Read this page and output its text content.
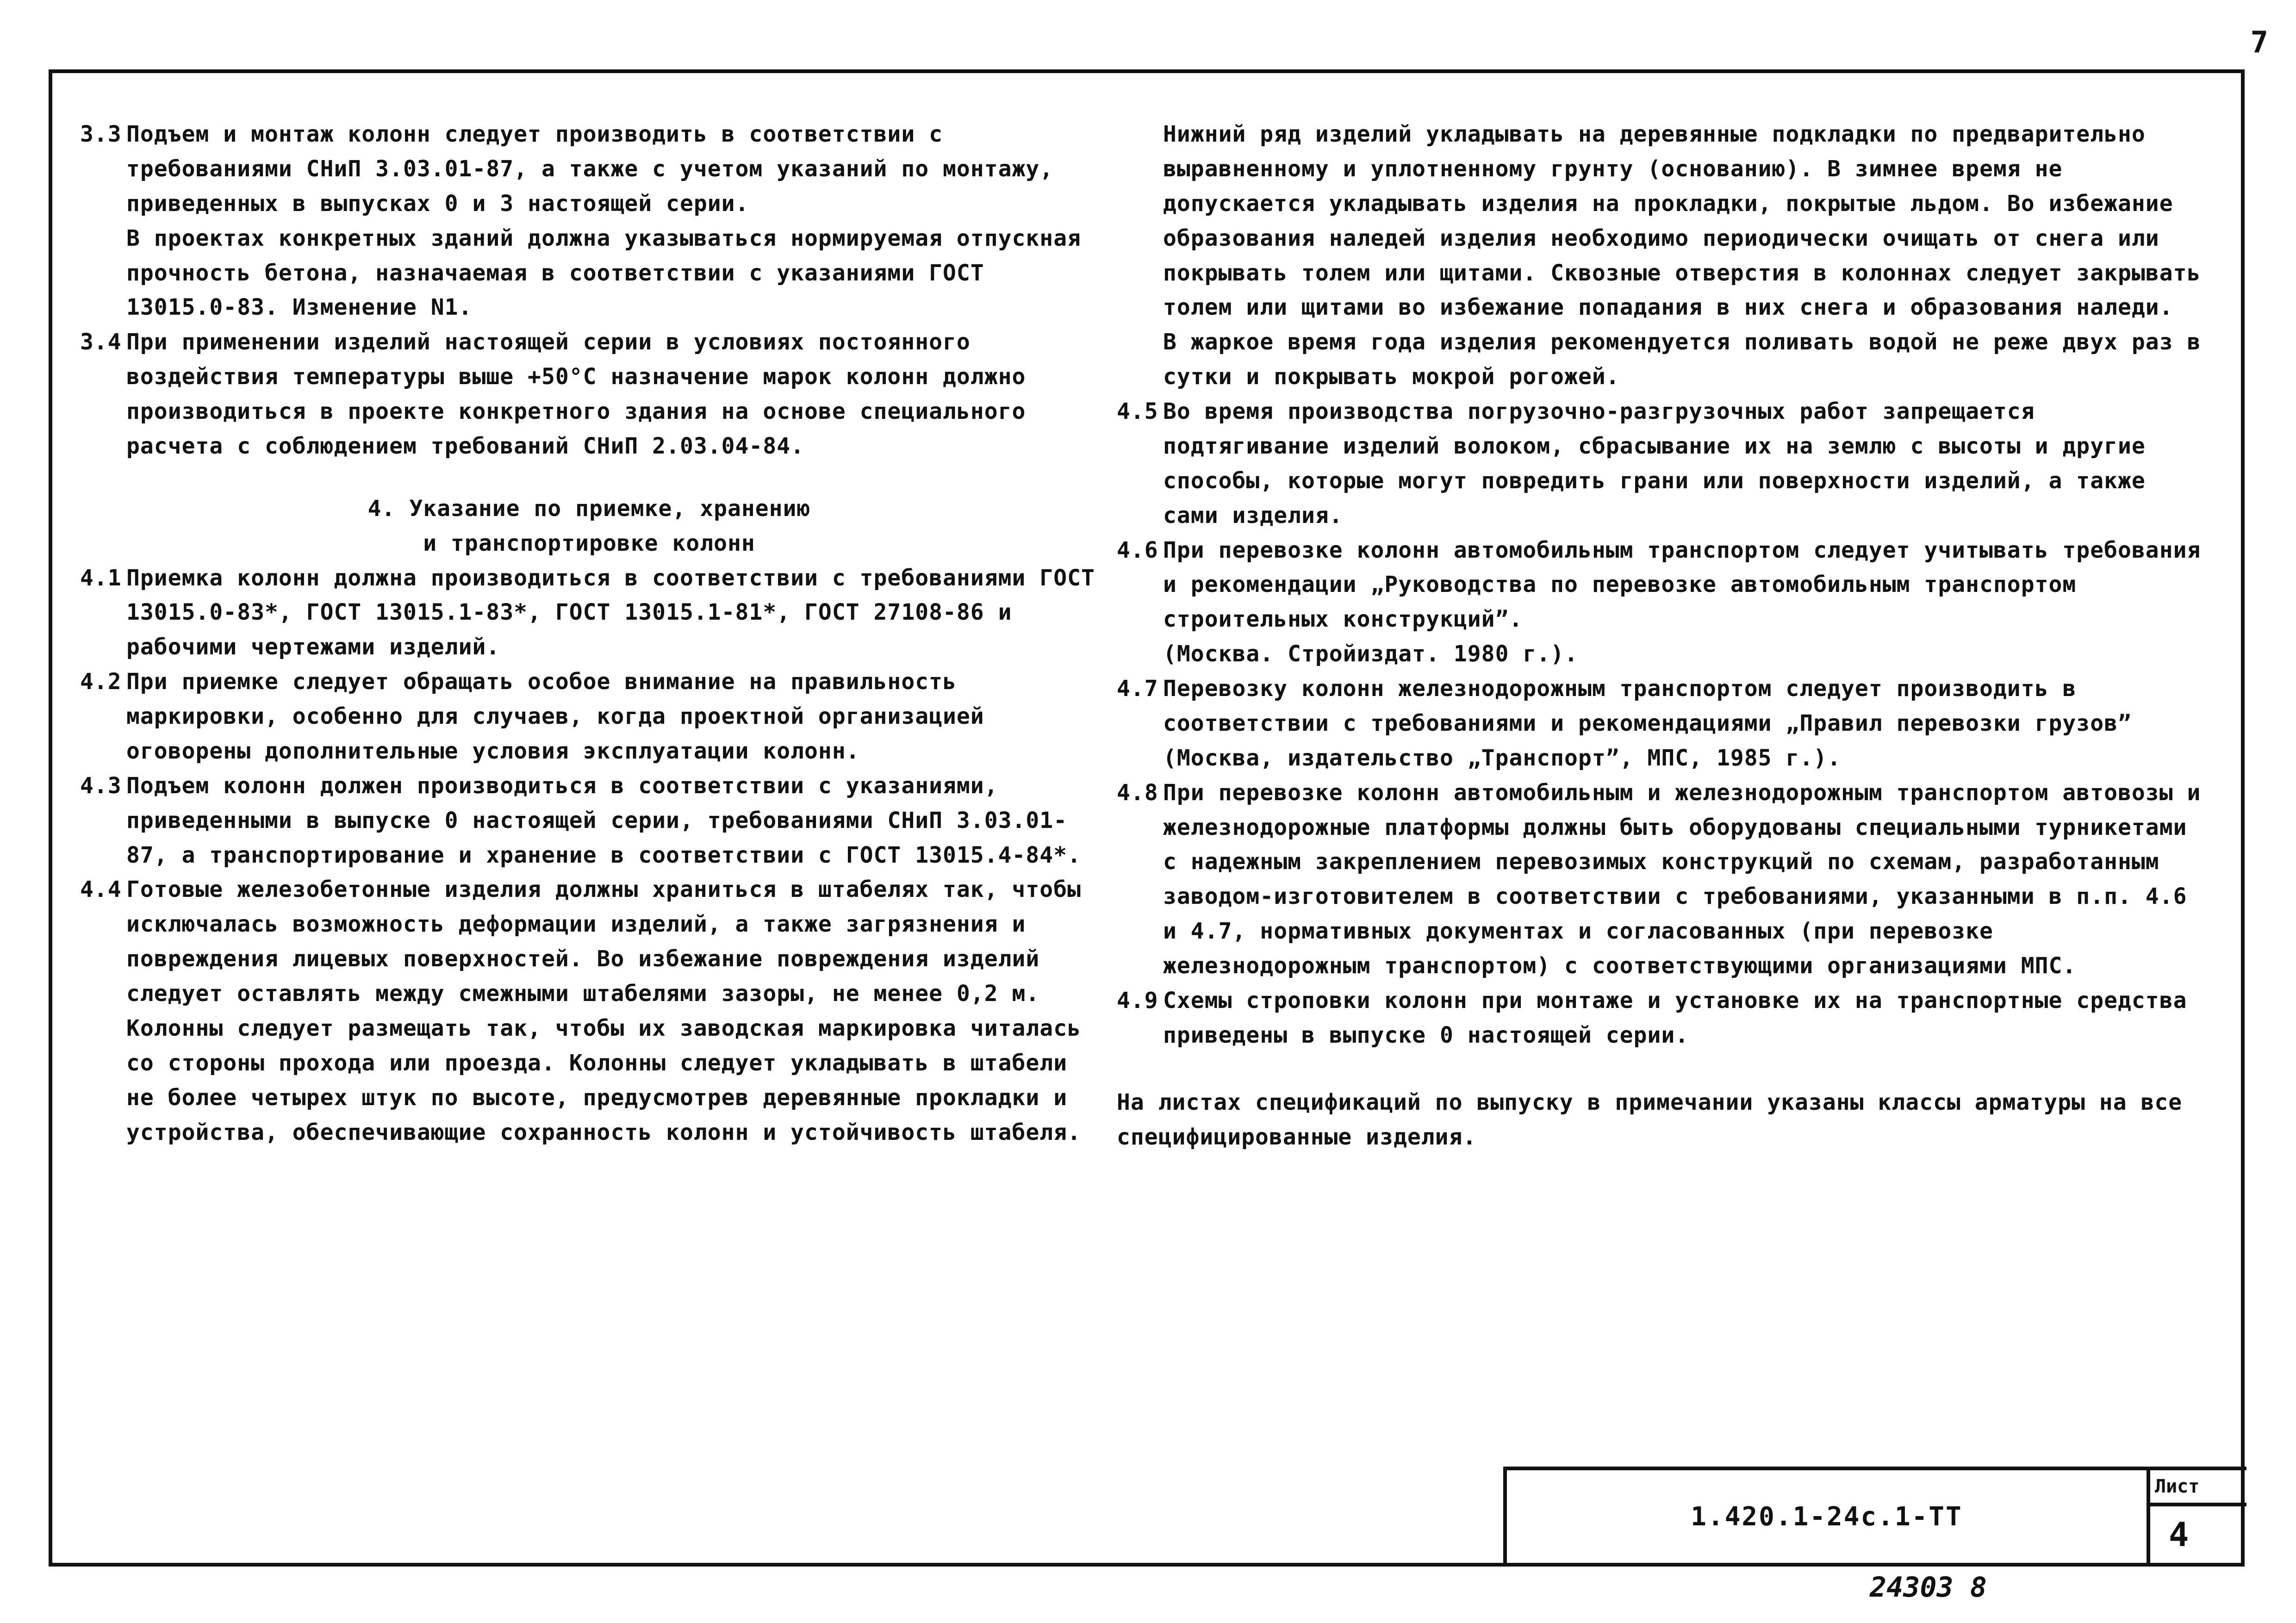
7
3.3 Подъем и монтаж колонн следует производить в соответствии с требованиями СНиП 3.03.01-87, а также с учетом указаний по монтажу, приведенных в выпусках 0 и 3 настоящей серии.

В проектах конкретных зданий должна указываться нормируемая отпускная прочность бетона, назначаемая в соответствии с указаниями ГОСТ 13015.0-83. Изменение N1.

3.4 При применении изделий настоящей серии в условиях постоянного воздействия температуры выше +50°С назначение марок колонн должно производиться в проекте конкретного здания на основе специального расчета с соблюдением требований СНиП 2.03.04-84.
4. Указание по приемке, хранению
и транспортировке колонн
4.1 Приемка колонн должна производиться в соответствии с требованиями ГОСТ 13015.0-83*, ГОСТ 13015.1-83*, ГОСТ 13015.1-81*, ГОСТ 27108-86 и рабочими чертежами изделий.
4.2 При приемке следует обращать особое внимание на правильность маркировки, особенно для случаев, когда проектной организацией оговорены дополнительные условия эксплуатации колонн.
4.3 Подъем колонн должен производиться в соответствии с указаниями, приведенными в выпуске 0 настоящей серии, требованиями СНиП 3.03.01-87, а транспортирование и хранение в соответствии с ГОСТ 13015.4-84*.
4.4 Готовые железобетонные изделия должны храниться в штабелях так, чтобы исключалась возможность деформации изделий, а также загрязнения и повреждения лицевых поверхностей. Во избежание повреждения изделий следует оставлять между смежными штабелями зазоры, не менее 0,2 м.

Колонны следует размещать так, чтобы их заводская маркировка читалась со стороны прохода или проезда. Колонны следует укладывать в штабели не более четырех штук по высоте, предусмотрев деревянные прокладки и устройства, обеспечивающие сохранность колонн и устойчивость штабеля.

Нижний ряд изделий укладывать на деревянные подкладки по предварительно выравненному и уплотненному грунту (основанию). В зимнее время не допускается укладывать изделия на прокладки, покрытые льдом. Во избежание образования наледей изделия необходимо периодически очищать от снега или покрывать толем или щитами. Сквозные отверстия в колоннах следует закрывать толем или щитами во избежание попадания в них снега и образования наледи.

В жаркое время года изделия рекомендуется поливать водой не реже двух раз в сутки и покрывать мокрой рогожей.

4.5 Во время производства погрузочно-разгрузочных работ запрещается подтягивание изделий волоком, сбрасывание их на землю с высоты и другие способы, которые могут повредить грани или поверхности изделий, а также сами изделия.
4.6 При перевозке колонн автомобильным транспортом следует учитывать требования и рекомендации „Руководства по перевозке автомобильным транспортом строительных конструкций”.

(Москва. Стройиздат. 1980 г.).

4.7 Перевозку колонн железнодорожным транспортом следует производить в соответствии с требованиями и рекомендациями „Правил перевозки грузов” (Москва, издательство „Транспорт”, МПС, 1985 г.).
4.8 При перевозке колонн автомобильным и железнодорожным транспортом автовозы и железнодорожные платформы должны быть оборудованы специальными турникетами с надежным закреплением перевозимых конструкций по схемам, разработанным заводом-изготовителем в соответствии с требованиями, указанными в п.п. 4.6 и 4.7, нормативных документах и согласованных (при перевозке железнодорожным транспортом) с соответствующими организациями МПС.
4.9 Схемы строповки колонн при монтаже и установке их на транспортные средства приведены в выпуске 0 настоящей серии.

На листах спецификаций по выпуску в примечании указаны классы арматуры на все специфицированные изделия.

1.420.1-24с.1-ТТ
Лист
4
24303 8
